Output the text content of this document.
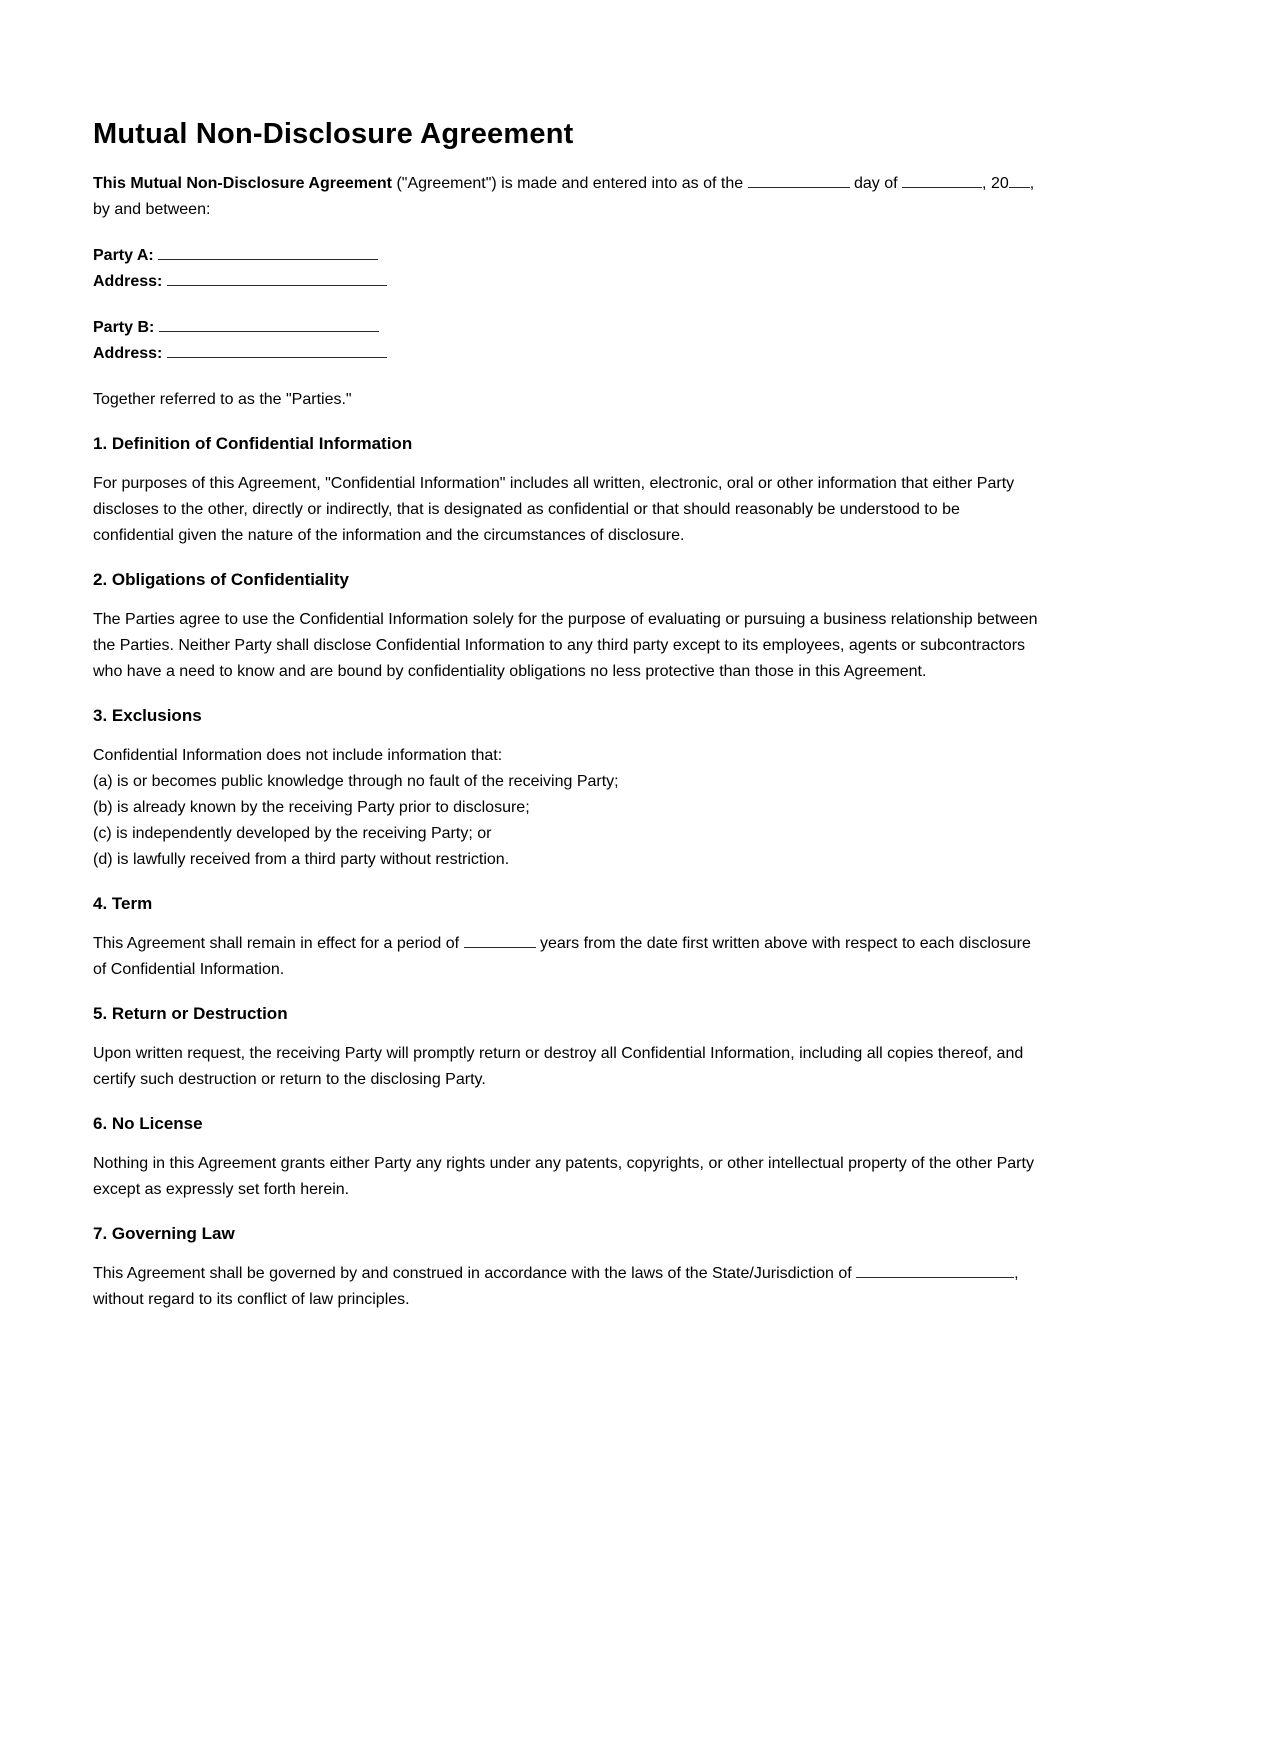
Mutual Non-Disclosure Agreement

This Mutual Non-Disclosure Agreement ("Agreement") is made and entered into as of the	day of	, 20 , by and between:

Party A:
Address:
Party B:
Address:

Together referred to as the "Parties."

1. Definition of Confidential Information

For purposes of this Agreement, "Confidential Information" includes all written, electronic, oral or other information that either Party discloses to the other, directly or indirectly, that is designated as confidential or that should reasonably be understood to be confidential given the nature of the information and the circumstances of disclosure.

2. Obligations of Confidentiality

The Parties agree to use the Confidential Information solely for the purpose of evaluating or pursuing a business relationship between the Parties. Neither Party shall disclose Confidential Information to any third party except to its employees, agents or subcontractors who have a need to know and are bound by confidentiality obligations no less protective than those in this Agreement.

3. Exclusions
Confidential Information does not include information that:
(a) is or becomes public knowledge through no fault of the receiving Party;
(b) is already known by the receiving Party prior to disclosure;
(c) is independently developed by the receiving Party; or
(d) is lawfully received from a third party without restriction.
4. Term

This Agreement shall remain in effect for a period of	years from the date first written above with respect to each disclosure of Confidential Information.

5. Return or Destruction

Upon written request, the receiving Party will promptly return or destroy all Confidential Information, including all copies thereof, and certify such destruction or return to the disclosing Party.

6. No License

Nothing in this Agreement grants either Party any rights under any patents, copyrights, or other intellectual property of the other Party except as expressly set forth herein.

7. Governing Law

This Agreement shall be governed by and construed in accordance with the laws of the State/Jurisdiction of	, without regard to its conflict of law principles.
